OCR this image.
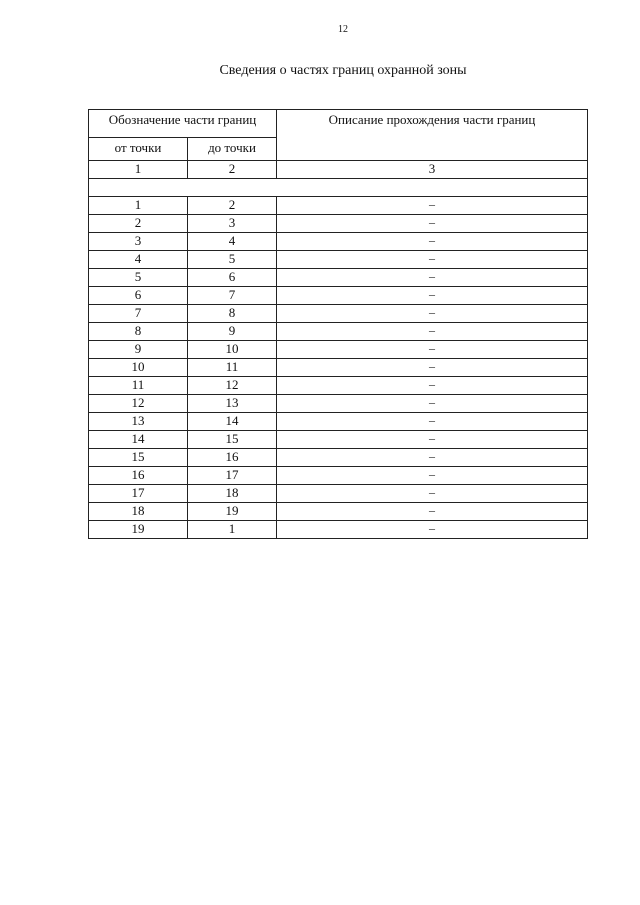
12
Сведения о частях границ охранной зоны
Обозначение части границ		Описание прохождения части границ
от точки	до точки	
1	2	3

1	2	–
2	3	–
3	4	–
4	5	–
5	6	–
6	7	–
7	8	–
8	9	–
9	10	–
10	11	–
11	12	–
12	13	–
13	14	–
14	15	–
15	16	–
16	17	–
17	18	–
18	19	–
19	1	–
